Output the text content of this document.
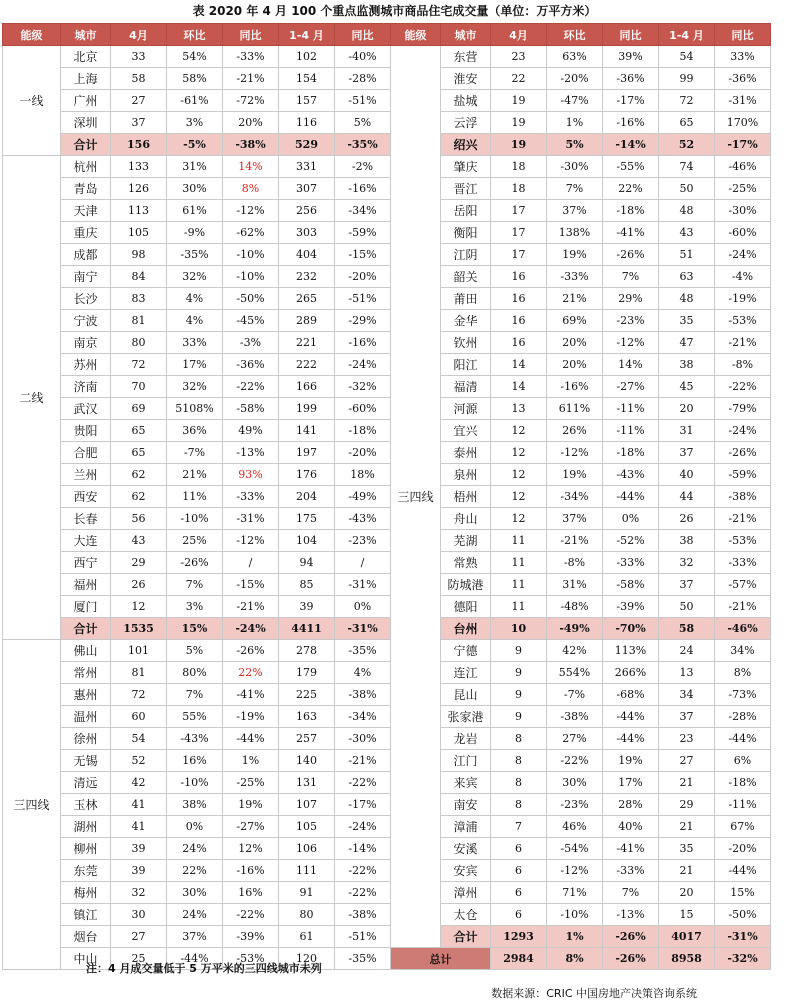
表 2020 年 4 月 100 个重点监测城市商品住宅成交量（单位：万平方米）
能级	城市	4月	环比	同比	1-4 月	同比	能级	城市	4月	环比	同比	1-4 月	同比
一线	北京	33	54%	-33%	102	-40%	三四线	东营	23	63%	39%	54	33%
	上海	58	58%	-21%	154	-28%		淮安	22	-20%	-36%	99	-36%
	广州	27	-61%	-72%	157	-51%		盐城	19	-47%	-17%	72	-31%
	深圳	37	3%	20%	116	5%		云浮	19	1%	-16%	65	170%
	合计	156	-5%	-38%	529	-35%		绍兴	19	5%	-14%	52	-17%
二线	杭州	133	31%	14%	331	-2%		肇庆	18	-30%	-55%	74	-46%
	青岛	126	30%	8%	307	-16%		晋江	18	7%	22%	50	-25%
	天津	113	61%	-12%	256	-34%		岳阳	17	37%	-18%	48	-30%
	重庆	105	-9%	-62%	303	-59%		衡阳	17	138%	-41%	43	-60%
	成都	98	-35%	-10%	404	-15%		江阴	17	19%	-26%	51	-24%
	南宁	84	32%	-10%	232	-20%		韶关	16	-33%	7%	63	-4%
	长沙	83	4%	-50%	265	-51%		莆田	16	21%	29%	48	-19%
	宁波	81	4%	-45%	289	-29%		金华	16	69%	-23%	35	-53%
	南京	80	33%	-3%	221	-16%		钦州	16	20%	-12%	47	-21%
	苏州	72	17%	-36%	222	-24%		阳江	14	20%	14%	38	-8%
	济南	70	32%	-22%	166	-32%		福清	14	-16%	-27%	45	-22%
	武汉	69	5108%	-58%	199	-60%		河源	13	611%	-11%	20	-79%
	贵阳	65	36%	49%	141	-18%		宜兴	12	26%	-11%	31	-24%
	合肥	65	-7%	-13%	197	-20%		泰州	12	-12%	-18%	37	-26%
	兰州	62	21%	93%	176	18%		泉州	12	19%	-43%	40	-59%
	西安	62	11%	-33%	204	-49%		梧州	12	-34%	-44%	44	-38%
	长春	56	-10%	-31%	175	-43%		舟山	12	37%	0%	26	-21%
	大连	43	25%	-12%	104	-23%		芜湖	11	-21%	-52%	38	-53%
	西宁	29	-26%	/	94	/		常熟	11	-8%	-33%	32	-33%
	福州	26	7%	-15%	85	-31%		防城港	11	31%	-58%	37	-57%
	厦门	12	3%	-21%	39	0%		德阳	11	-48%	-39%	50	-21%
	合计	1535	15%	-24%	4411	-31%		台州	10	-49%	-70%	58	-46%
三四线	佛山	101	5%	-26%	278	-35%		宁德	9	42%	113%	24	34%
	常州	81	80%	22%	179	4%		连江	9	554%	266%	13	8%
	惠州	72	7%	-41%	225	-38%		昆山	9	-7%	-68%	34	-73%
	温州	60	55%	-19%	163	-34%		张家港	9	-38%	-44%	37	-28%
	徐州	54	-43%	-44%	257	-30%		龙岩	8	27%	-44%	23	-44%
	无锡	52	16%	1%	140	-21%		江门	8	-22%	19%	27	6%
	清远	42	-10%	-25%	131	-22%		来宾	8	30%	17%	21	-18%
	玉林	41	38%	19%	107	-17%		南安	8	-23%	28%	29	-11%
	湖州	41	0%	-27%	105	-24%		漳浦	7	46%	40%	21	67%
	柳州	39	24%	12%	106	-14%		安溪	6	-54%	-41%	35	-20%
	东莞	39	22%	-16%	111	-22%		安宾	6	-12%	-33%	21	-44%
	梅州	32	30%	16%	91	-22%		漳州	6	71%	7%	20	15%
	镇江	30	24%	-22%	80	-38%		太仓	6	-10%	-13%	15	-50%
	烟台	27	37%	-39%	61	-51%		合计	1293	1%	-26%	4017	-31%
	中山	25	-44%	-53%	120	-35%	总计		2984	8%	-26%	8958	-32%
注：4 月成交量低于 5 万平米的三四线城市未列
数据来源：CRIC 中国房地产决策咨询系统
